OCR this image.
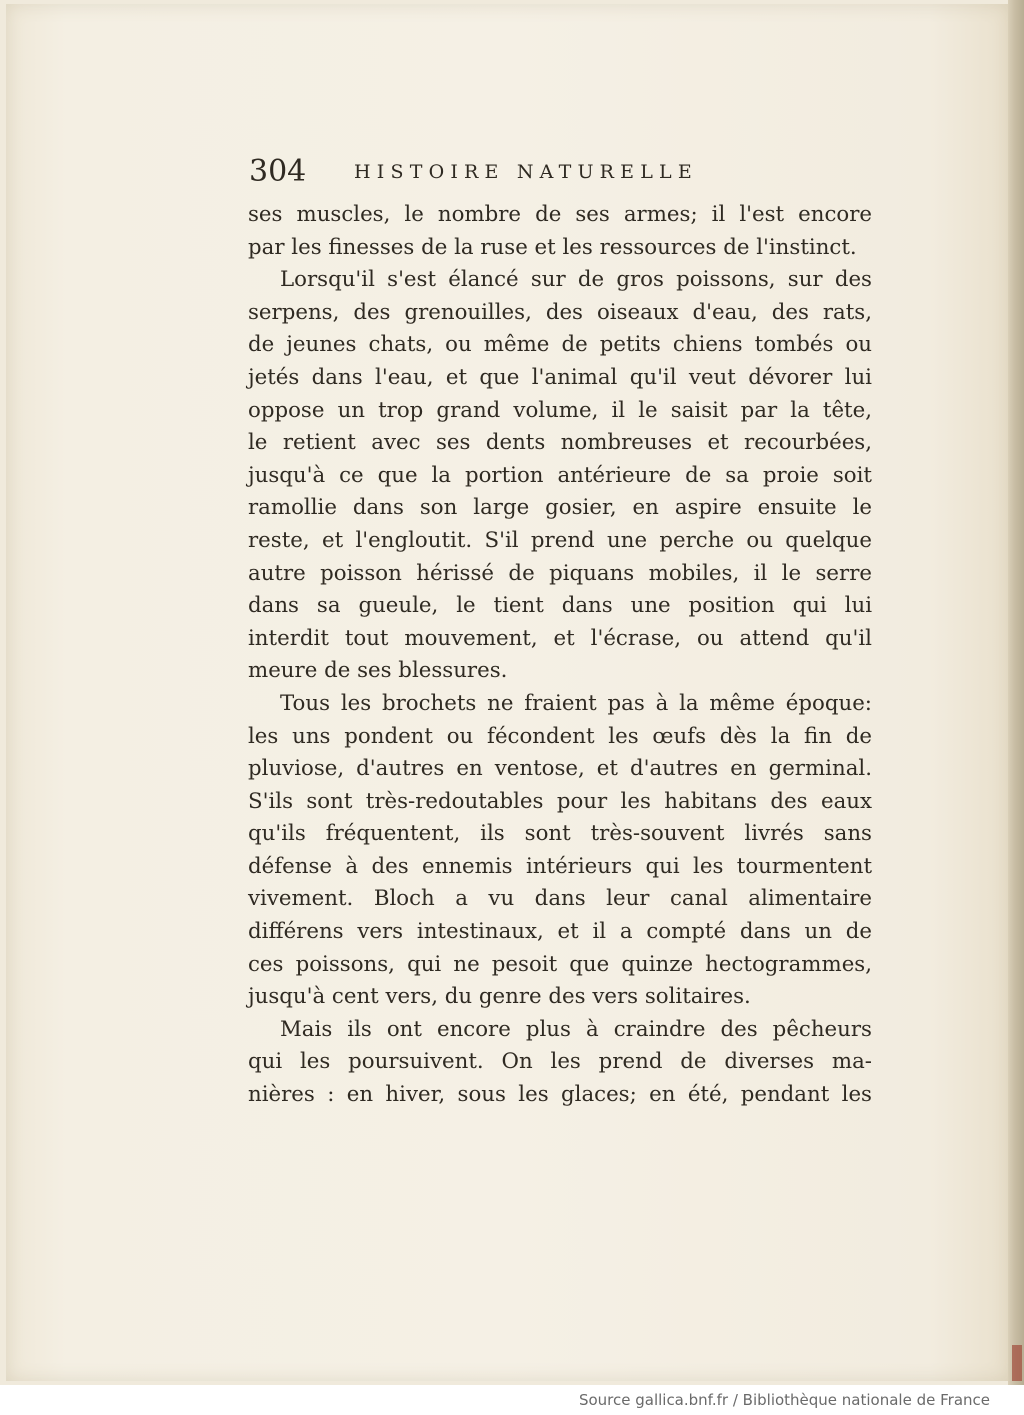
304	HISTOIRE NATURELLE
ses muscles, le nombre de ses armes; il l'est encore
par les finesses de la ruse et les ressources de l'instinct.
Lorsqu'il s'est élancé sur de gros poissons, sur des
serpens, des grenouilles, des oiseaux d'eau, des rats,
de jeunes chats, ou même de petits chiens tombés ou
jetés dans l'eau, et que l'animal qu'il veut dévorer lui
oppose un trop grand volume, il le saisit par la tête,
le retient avec ses dents nombreuses et recourbées,
jusqu'à ce que la portion antérieure de sa proie soit
ramollie dans son large gosier, en aspire ensuite le
reste, et l'engloutit. S'il prend une perche ou quelque
autre poisson hérissé de piquans mobiles, il le serre
dans sa gueule, le tient dans une position qui lui
interdit tout mouvement, et l'écrase, ou attend qu'il
meure de ses blessures.
Tous les brochets ne fraient pas à la même époque:
les uns pondent ou fécondent les œufs dès la fin de
pluviose, d'autres en ventose, et d'autres en germinal.
S'ils sont très-redoutables pour les habitans des eaux
qu'ils fréquentent, ils sont très-souvent livrés sans
défense à des ennemis intérieurs qui les tourmentent
vivement. Bloch a vu dans leur canal alimentaire
différens vers intestinaux, et il a compté dans un de
ces poissons, qui ne pesoit que quinze hectogrammes,
jusqu'à cent vers, du genre des vers solitaires.
Mais ils ont encore plus à craindre des pêcheurs
qui les poursuivent. On les prend de diverses ma-
nières : en hiver, sous les glaces; en été, pendant les
Source gallica.bnf.fr / Bibliothèque nationale de France
